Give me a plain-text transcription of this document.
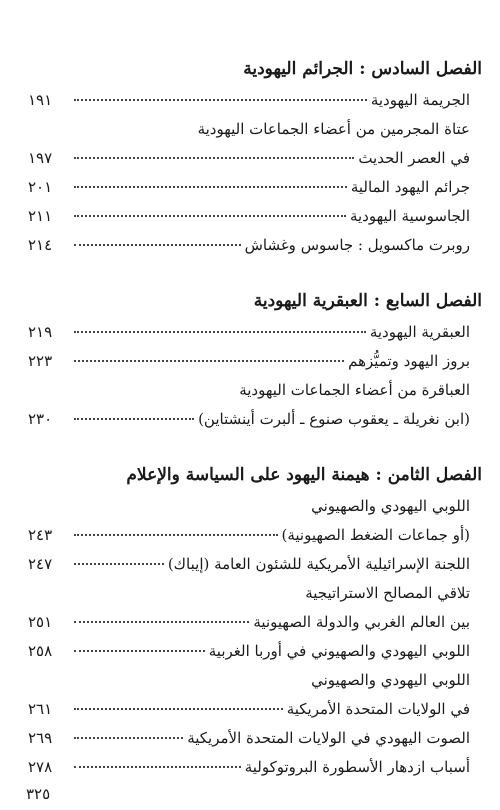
الفصل السادس : الجرائم اليهودية
الجريمة اليهودية
١٩١
عتاة المجرمين من أعضاء الجماعات اليهودية
في العصر الحديث
١٩٧
جرائم اليهود المالية
٢٠١
الجاسوسية اليهودية
٢١١
روبرت ماكسويل : جاسوس وغشاش
٢١٤
الفصل السابع : العبقرية اليهودية
العبقرية اليهودية
٢١٩
بروز اليهود وتميُّزهم
٢٢٣
العباقرة من أعضاء الجماعات اليهودية
(ابن نغريلة ـ يعقوب صنوع ـ ألبرت أينشتاين)
٢٣٠
الفصل الثامن : هيمنة اليهود على السياسة والإعلام
اللوبي اليهودي والصهيوني
(أو جماعات الضغط الصهيونية)
٢٤٣
اللجنة الإسرائيلية الأمريكية للشئون العامة (إيباك)
٢٤٧
تلاقي المصالح الاستراتيجية
بين العالم الغربي والدولة الصهيونية
٢٥١
اللوبي اليهودي والصهيوني في أوربا الغربية
٢٥٨
اللوبي اليهودي والصهيوني
في الولايات المتحدة الأمريكية
٢٦١
الصوت اليهودي في الولايات المتحدة الأمريكية
٢٦٩
أسباب ازدهار الأسطورة البروتوكولية
٢٧٨
٣٢٥
